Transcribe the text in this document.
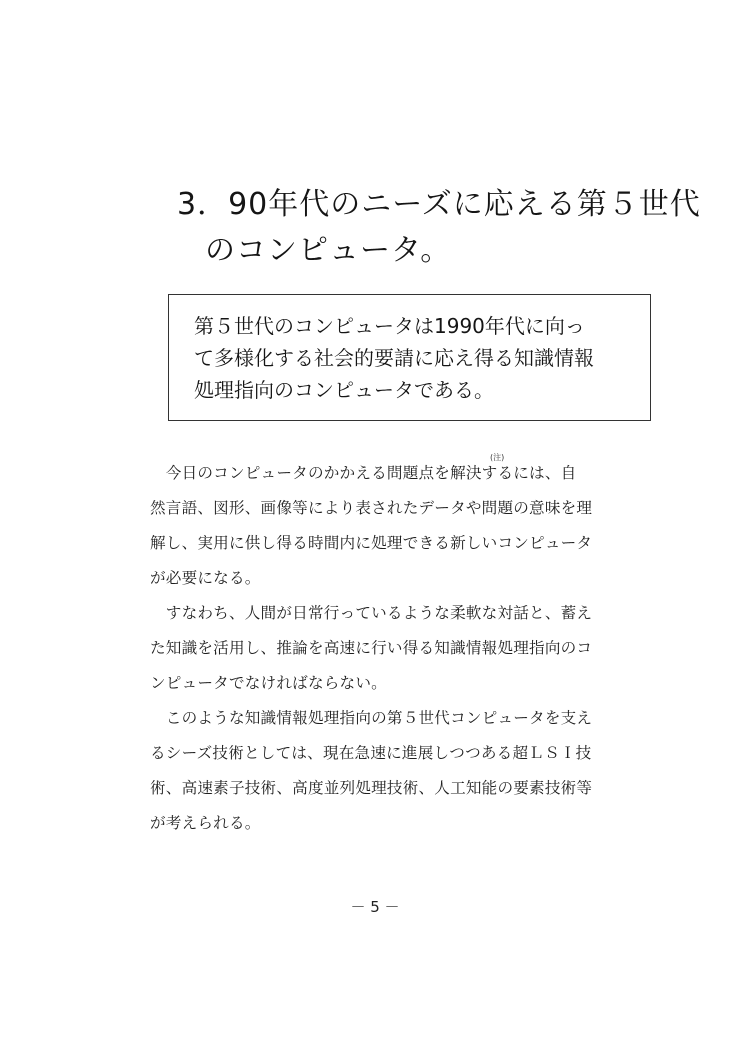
3．90年代のニーズに応える第５世代
のコンピュータ。
第５世代のコンピュータは1990年代に向っ
て多様化する社会的要請に応え得る知識情報
処理指向のコンピュータである。
(注)
　今日のコンピュータのかかえる問題点を解決するには、自
然言語、図形、画像等により表されたデータや問題の意味を理
解し、実用に供し得る時間内に処理できる新しいコンピュータ
が必要になる。
　すなわち、人間が日常行っているような柔軟な対話と、蓄え
た知識を活用し、推論を高速に行い得る知識情報処理指向のコ
ンピュータでなければならない。
　このような知識情報処理指向の第５世代コンピュータを支え
るシーズ技術としては、現在急速に進展しつつある超ＬＳＩ技
術、高速素子技術、高度並列処理技術、人工知能の要素技術等
が考えられる。
－ 5 －
